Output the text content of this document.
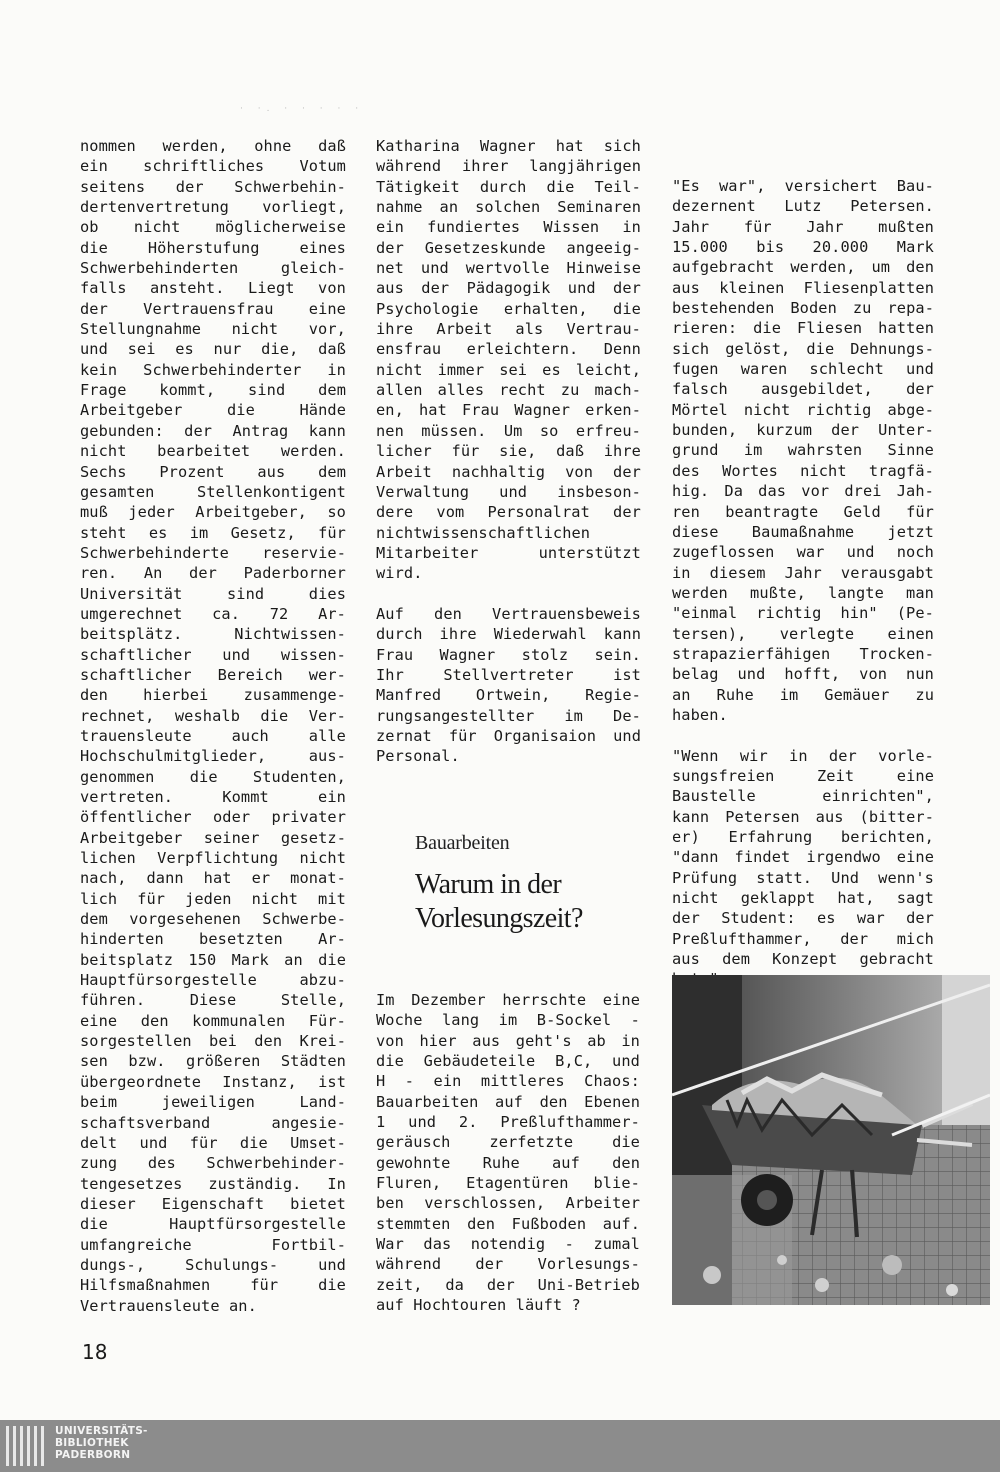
· ·. · · · · ·
nommen werden, ohne daß
ein schriftliches Votum
seitens der Schwerbehin-
dertenvertretung vorliegt,
ob nicht möglicherweise
die Höherstufung eines
Schwerbehinderten gleich-
falls ansteht. Liegt von
der Vertrauensfrau eine
Stellungnahme nicht vor,
und sei es nur die, daß
kein Schwerbehinderter in
Frage kommt, sind dem
Arbeitgeber die Hände
gebunden: der Antrag kann
nicht bearbeitet werden.
Sechs Prozent aus dem
gesamten Stellenkontigent
muß jeder Arbeitgeber, so
steht es im Gesetz, für
Schwerbehinderte reservie-
ren. An der Paderborner
Universität sind dies
umgerechnet ca. 72 Ar-
beitsplätz. Nichtwissen-
schaftlicher und wissen-
schaftlicher Bereich wer-
den hierbei zusammenge-
rechnet, weshalb die Ver-
trauensleute auch alle
Hochschulmitglieder, aus-
genommen die Studenten,
vertreten. Kommt ein
öffentlicher oder privater
Arbeitgeber seiner gesetz-
lichen Verpflichtung nicht
nach, dann hat er monat-
lich für jeden nicht mit
dem vorgesehenen Schwerbe-
hinderten besetzten Ar-
beitsplatz 150 Mark an die
Hauptfürsorgestelle abzu-
führen. Diese Stelle,
eine den kommunalen Für-
sorgestellen bei den Krei-
sen bzw. größeren Städten
übergeordnete Instanz, ist
beim jeweiligen Land-
schaftsverband angesie-
delt und für die Umset-
zung des Schwerbehinder-
tengesetzes zuständig. In
dieser Eigenschaft bietet
die Hauptfürsorgestelle
umfangreiche Fortbil-
dungs-, Schulungs- und
Hilfsmaßnahmen für die
Vertrauensleute an.
Katharina Wagner hat sich
während ihrer langjährigen
Tätigkeit durch die Teil-
nahme an solchen Seminaren
ein fundiertes Wissen in
der Gesetzeskunde angeeig-
net und wertvolle Hinweise
aus der Pädagogik und der
Psychologie erhalten, die
ihre Arbeit als Vertrau-
ensfrau erleichtern. Denn
nicht immer sei es leicht,
allen alles recht zu mach-
en, hat Frau Wagner erken-
nen müssen. Um so erfreu-
licher für sie, daß ihre
Arbeit nachhaltig von der
Verwaltung und insbeson-
dere vom Personalrat der
nichtwissenschaftlichen
Mitarbeiter unterstützt
wird.
Auf den Vertrauensbeweis
durch ihre Wiederwahl kann
Frau Wagner stolz sein.
Ihr Stellvertreter ist
Manfred Ortwein, Regie-
rungsangestellter im De-
zernat für Organisaion und
Personal.
Bauarbeiten
Warum in der
Vorlesungszeit?
Im Dezember herrschte eine
Woche lang im B-Sockel -
von hier aus geht's ab in
die Gebäudeteile B,C, und
H - ein mittleres Chaos:
Bauarbeiten auf den Ebenen
1 und 2. Preßlufthammer-
geräusch zerfetzte die
gewohnte Ruhe auf den
Fluren, Etagentüren blie-
ben verschlossen, Arbeiter
stemmten den Fußboden auf.
War das notendig - zumal
während der Vorlesungs-
zeit, da der Uni-Betrieb
auf Hochtouren läuft ?
"Es war", versichert Bau-
dezernent Lutz Petersen.
Jahr für Jahr mußten
15.000 bis 20.000 Mark
aufgebracht werden, um den
aus kleinen Fliesenplatten
bestehenden Boden zu repa-
rieren: die Fliesen hatten
sich gelöst, die Dehnungs-
fugen waren schlecht und
falsch ausgebildet, der
Mörtel nicht richtig abge-
bunden, kurzum der Unter-
grund im wahrsten Sinne
des Wortes nicht tragfä-
hig. Da das vor drei Jah-
ren beantragte Geld für
diese Baumaßnahme jetzt
zugeflossen war und noch
in diesem Jahr verausgabt
werden mußte, langte man
"einmal richtig hin" (Pe-
tersen), verlegte einen
strapazierfähigen Trocken-
belag und hofft, von nun
an Ruhe im Gemäuer zu
haben.
"Wenn wir in der vorle-
sungsfreien Zeit eine
Baustelle einrichten",
kann Petersen aus (bitter-
er) Erfahrung berichten,
"dann findet irgendwo eine
Prüfung statt. Und wenn's
nicht geklappt hat, sagt
der Student: es war der
Preßlufthammer, der mich
aus dem Konzept gebracht
18
UNIVERSITÄTS-
BIBLIOTHEK
PADERBORN
